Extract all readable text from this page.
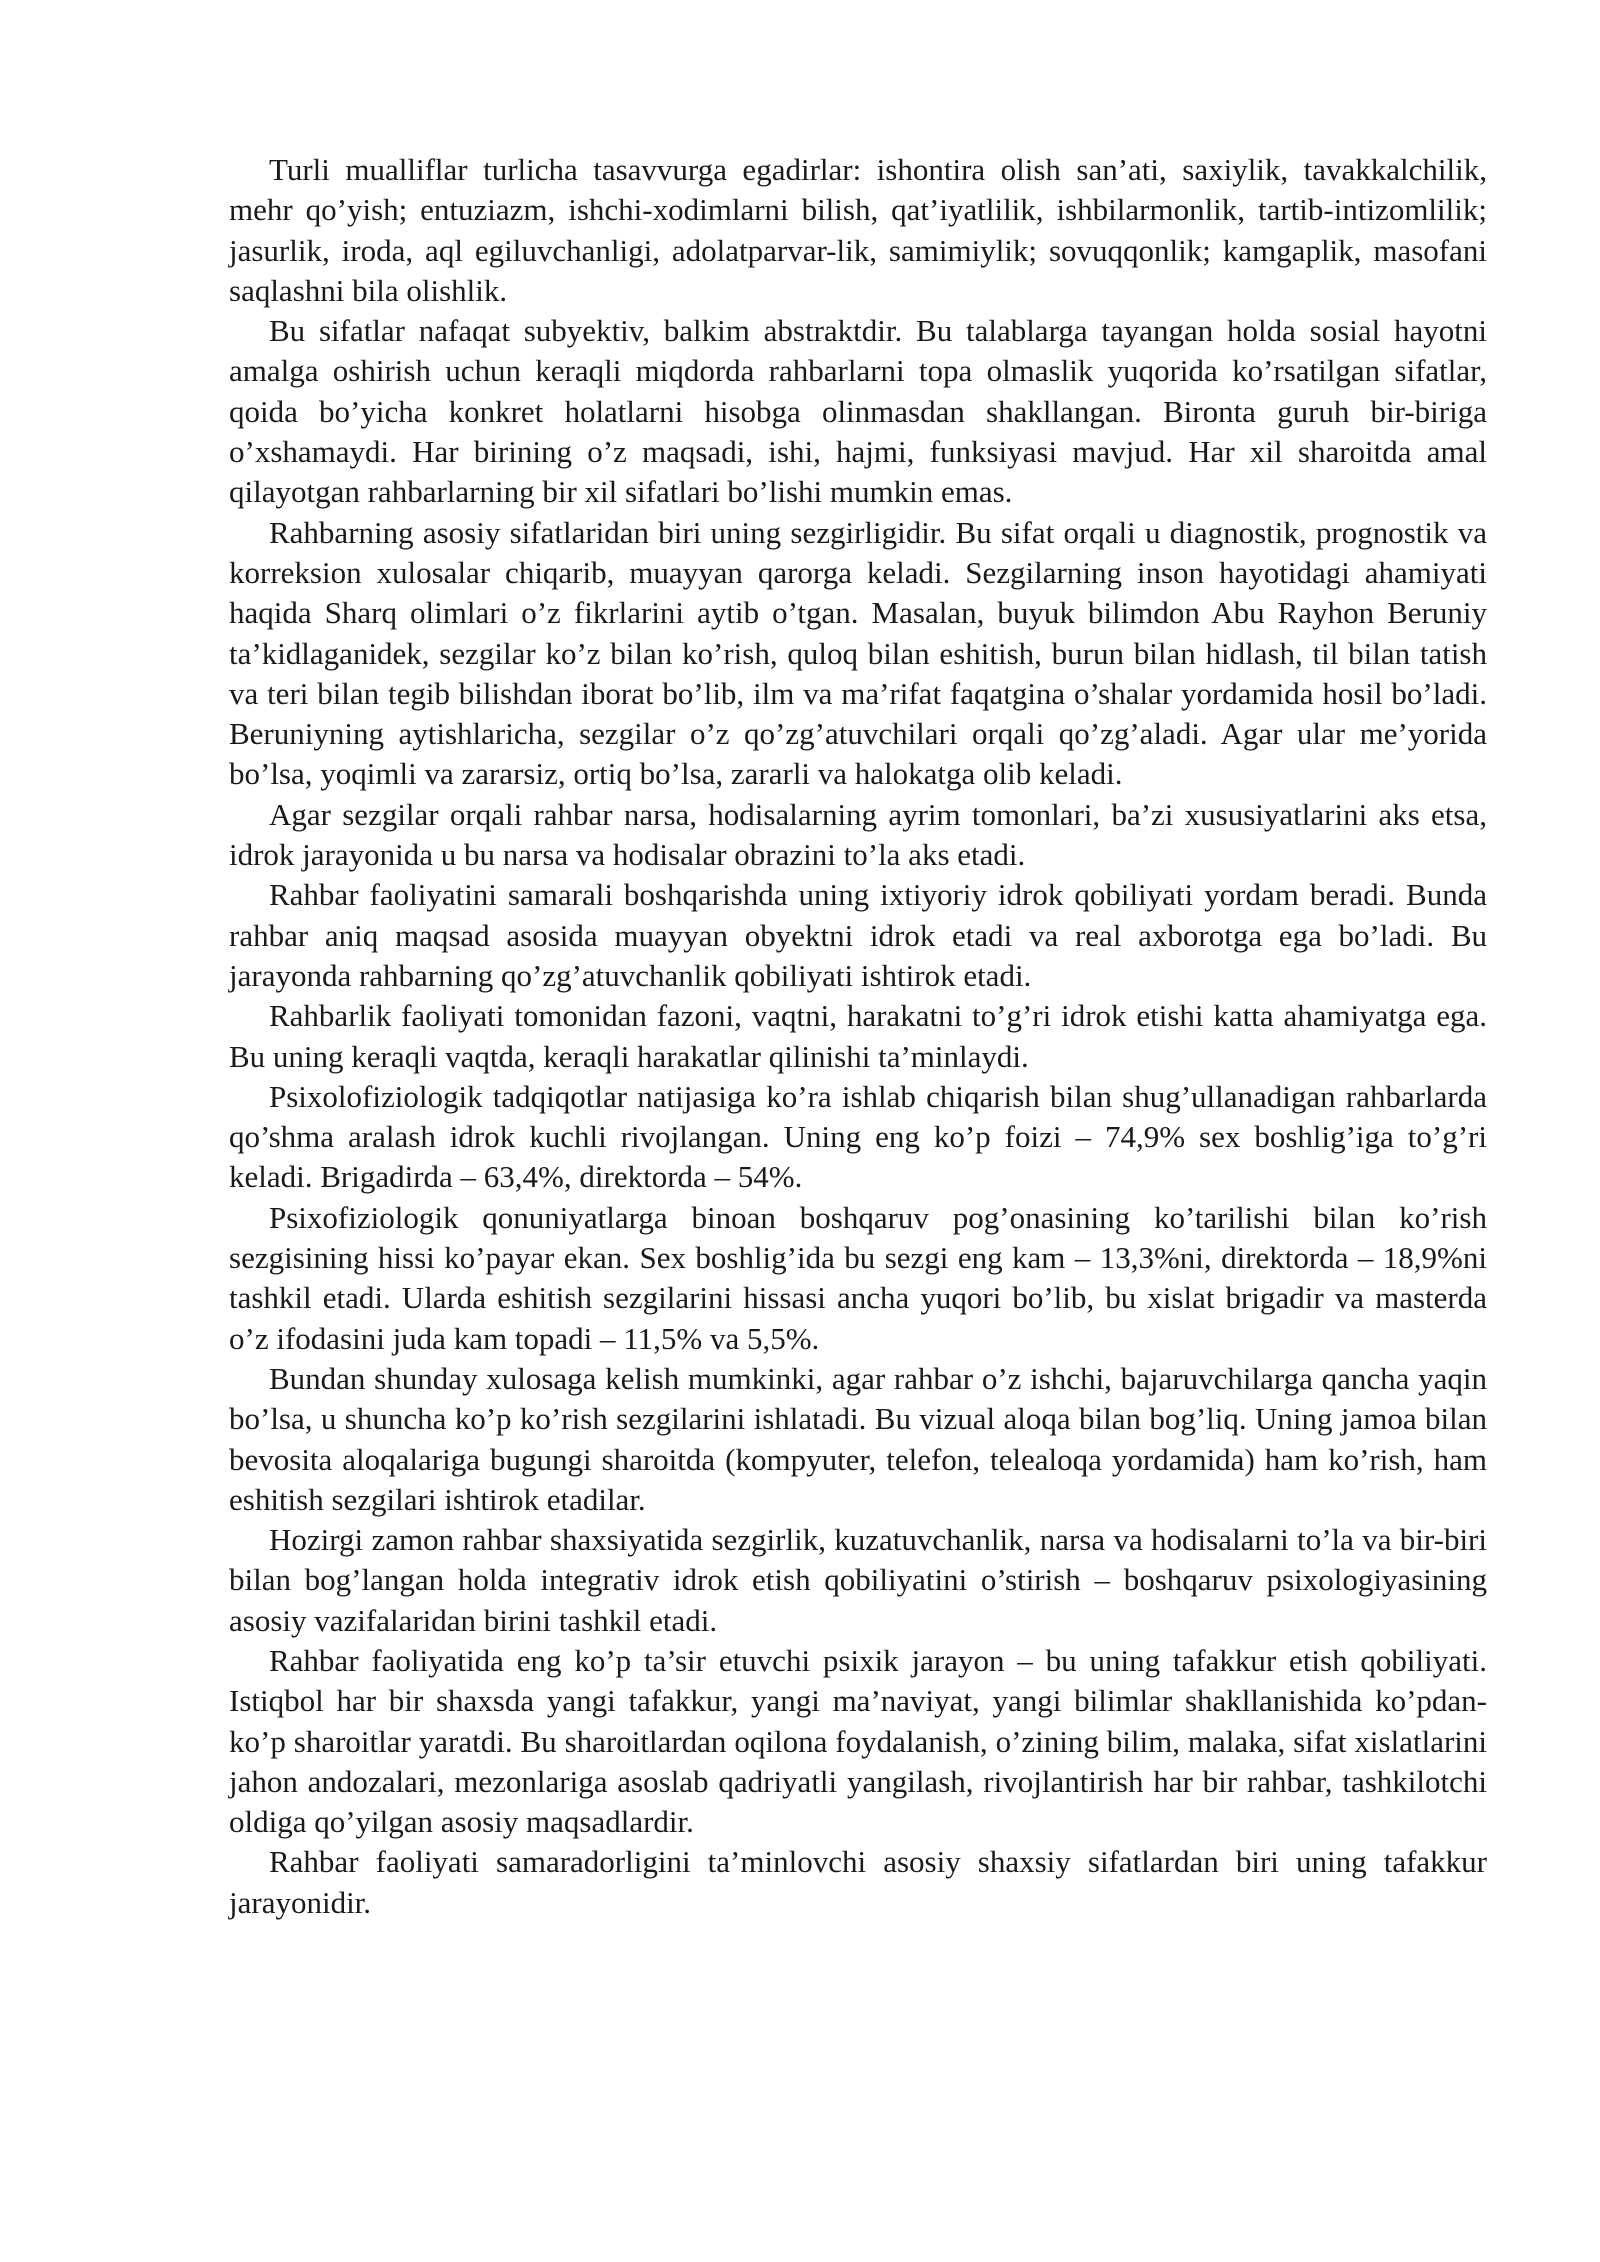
Turli mualliflar turlicha tasavvurga egadirlar: ishontira olish san’ati, saxiylik, tavakkalchilik, mehr qo’yish; entuziazm, ishchi-xodimlarni bilish, qat’iyatlilik, ishbilarmonlik, tartib-intizomlilik; jasurlik, iroda, aql egiluvchanligi, adolatparvar-lik, samimiylik; sovuqqonlik; kamgaplik, masofani saqlashni bila olishlik.

Bu sifatlar nafaqat subyektiv, balkim abstraktdir. Bu talablarga tayangan holda sosial hayotni amalga oshirish uchun keraqli miqdorda rahbarlarni topa olmaslik yuqorida ko’rsatilgan sifatlar, qoida bo’yicha konkret holatlarni hisobga olinmasdan shakllangan. Bironta guruh bir-biriga o’xshamaydi. Har birining o’z maqsadi, ishi, hajmi, funksiyasi mavjud. Har xil sharoitda amal qilayotgan rahbarlarning bir xil sifatlari bo’lishi mumkin emas.

Rahbarning asosiy sifatlaridan biri uning sezgirligidir. Bu sifat orqali u diagnostik, prognostik va korreksion xulosalar chiqarib, muayyan qarorga keladi. Sezgilarning inson hayotidagi ahamiyati haqida Sharq olimlari o’z fikrlarini aytib o’tgan. Masalan, buyuk bilimdon Abu Rayhon Beruniy ta’kidlaganidek, sezgilar ko’z bilan ko’rish, quloq bilan eshitish, burun bilan hidlash, til bilan tatish va teri bilan tegib bilishdan iborat bo’lib, ilm va ma’rifat faqatgina o’shalar yordamida hosil bo’ladi. Beruniyning aytishlaricha, sezgilar o’z qo’zg’atuvchilari orqali qo’zg’aladi. Agar ular me’yorida bo’lsa, yoqimli va zararsiz, ortiq bo’lsa, zararli va halokatga olib keladi.

Agar sezgilar orqali rahbar narsa, hodisalarning ayrim tomonlari, ba’zi xususiyatlarini aks etsa, idrok jarayonida u bu narsa va hodisalar obrazini to’la aks etadi.

Rahbar faoliyatini samarali boshqarishda uning ixtiyoriy idrok qobiliyati yordam beradi. Bunda rahbar aniq maqsad asosida muayyan obyektni idrok etadi va real axborotga ega bo’ladi. Bu jarayonda rahbarning qo’zg’atuvchanlik qobiliyati ishtirok etadi.

Rahbarlik faoliyati tomonidan fazoni, vaqtni, harakatni to’g’ri idrok etishi katta ahamiyatga ega. Bu uning keraqli vaqtda, keraqli harakatlar qilinishi ta’minlaydi.

Psixolofiziologik tadqiqotlar natijasiga ko’ra ishlab chiqarish bilan shug’ullanadigan rahbarlarda qo’shma aralash idrok kuchli rivojlangan. Uning eng ko’p foizi – 74,9% sex boshlig’iga to’g’ri keladi. Brigadirda – 63,4%, direktorda – 54%.

Psixofiziologik qonuniyatlarga binoan boshqaruv pog’onasining ko’tarilishi bilan ko’rish sezgisining hissi ko’payar ekan. Sex boshlig’ida bu sezgi eng kam – 13,3%ni, direktorda – 18,9%ni tashkil etadi. Ularda eshitish sezgilarini hissasi ancha yuqori bo’lib, bu xislat brigadir va masterda o’z ifodasini juda kam topadi – 11,5% va 5,5%.

Bundan shunday xulosaga kelish mumkinki, agar rahbar o’z ishchi, bajaruvchilarga qancha yaqin bo’lsa, u shuncha ko’p ko’rish sezgilarini ishlatadi. Bu vizual aloqa bilan bog’liq. Uning jamoa bilan bevosita aloqalariga bugungi sharoitda (kompyuter, telefon, telealoqa yordamida) ham ko’rish, ham eshitish sezgilari ishtirok etadilar.

Hozirgi zamon rahbar shaxsiyatida sezgirlik, kuzatuvchanlik, narsa va hodisalarni to’la va bir-biri bilan bog’langan holda integrativ idrok etish qobiliyatini o’stirish – boshqaruv psixologiyasining asosiy vazifalaridan birini tashkil etadi.

Rahbar faoliyatida eng ko’p ta’sir etuvchi psixik jarayon – bu uning tafakkur etish qobiliyati. Istiqbol har bir shaxsda yangi tafakkur, yangi ma’naviyat, yangi bilimlar shakllanishida ko’pdan-ko’p sharoitlar yaratdi. Bu sharoitlardan oqilona foydalanish, o’zining bilim, malaka, sifat xislatlarini jahon andozalari, mezonlariga asoslab qadriyatli yangilash, rivojlantirish har bir rahbar, tashkilotchi oldiga qo’yilgan asosiy maqsadlardir.

Rahbar faoliyati samaradorligini ta’minlovchi asosiy shaxsiy sifatlardan biri uning tafakkur jarayonidir.
